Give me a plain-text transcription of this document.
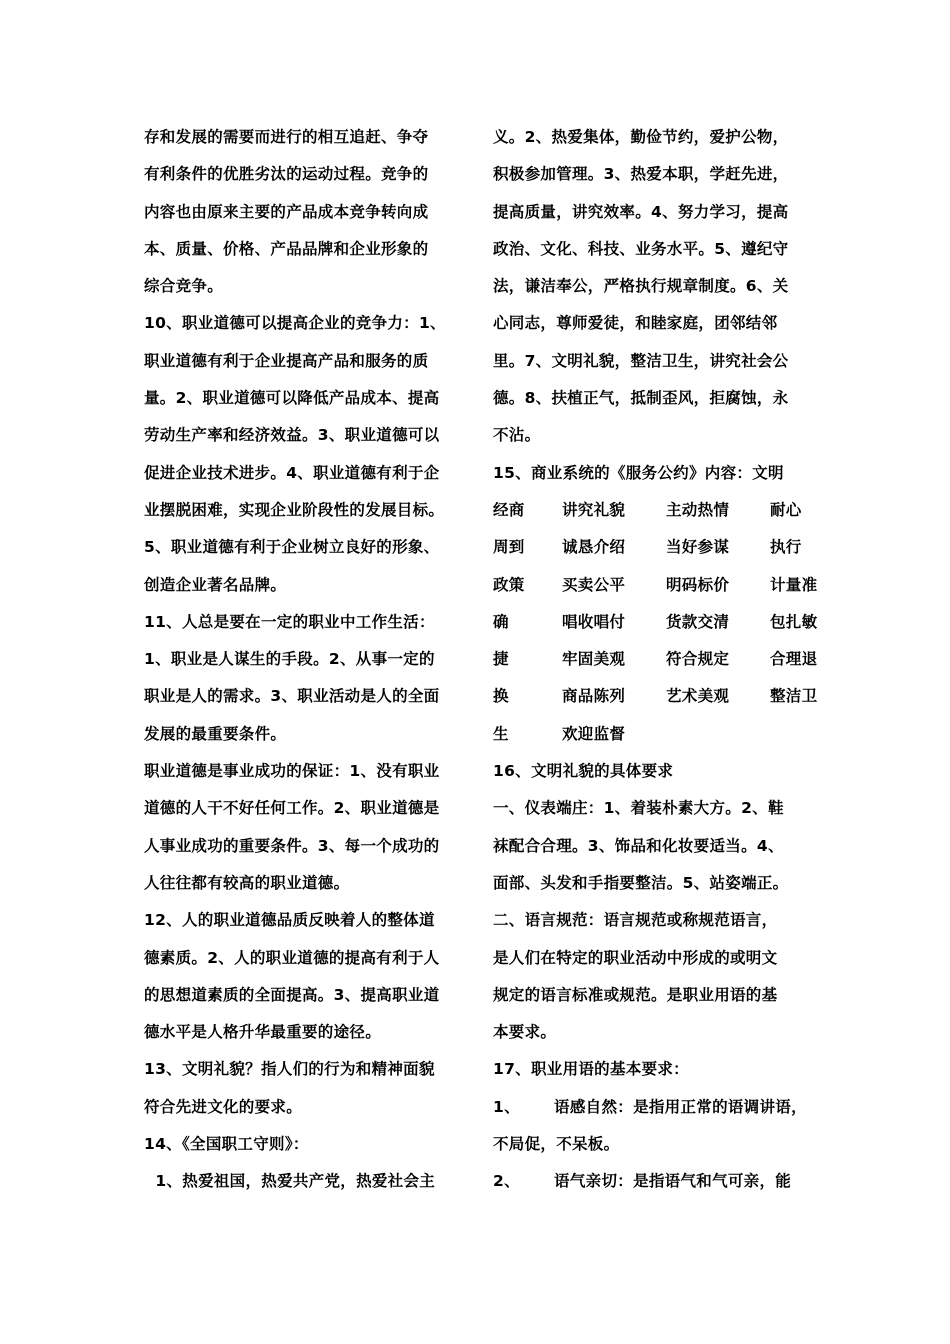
存和发展的需要而进行的相互追赶、争夺
有利条件的优胜劣汰的运动过程。竞争的
内容也由原来主要的产品成本竞争转向成
本、质量、价格、产品品牌和企业形象的
综合竞争。
10、职业道德可以提高企业的竞争力：1、
职业道德有利于企业提高产品和服务的质
量。2、职业道德可以降低产品成本、提高
劳动生产率和经济效益。3、职业道德可以
促进企业技术进步。4、职业道德有利于企
业摆脱困难，实现企业阶段性的发展目标。
5、职业道德有利于企业树立良好的形象、
创造企业著名品牌。
11、人总是要在一定的职业中工作生活：
1、职业是人谋生的手段。2、从事一定的
职业是人的需求。3、职业活动是人的全面
发展的最重要条件。
职业道德是事业成功的保证：1、没有职业
道德的人干不好任何工作。2、职业道德是
人事业成功的重要条件。3、每一个成功的
人往往都有较高的职业道德。
12、人的职业道德品质反映着人的整体道
德素质。2、人的职业道德的提高有利于人
的思想道素质的全面提高。3、提高职业道
德水平是人格升华最重要的途径。
13、文明礼貌？指人们的行为和精神面貌
符合先进文化的要求。
14、《全国职工守则》：
1、热爱祖国，热爱共产党，热爱社会主
义。2、热爱集体，勤俭节约，爱护公物，
积极参加管理。3、热爱本职，学赶先进，
提高质量，讲究效率。4、努力学习，提高
政治、文化、科技、业务水平。5、遵纪守
法，谦洁奉公，严格执行规章制度。6、关
心同志，尊师爱徒，和睦家庭，团邻结邻
里。7、文明礼貌，整洁卫生，讲究社会公
德。8、扶植正气，抵制歪风，拒腐蚀，永
不沾。
15、商业系统的《服务公约》内容：文明
经商	讲究礼貌	主动热情	耐心
周到	诚恳介绍	当好参谋	执行
政策	买卖公平	明码标价	计量准
确	唱收唱付	货款交清	包扎敏
捷	牢固美观	符合规定	合理退
换	商品陈列	艺术美观	整洁卫
生	欢迎监督
16、文明礼貌的具体要求
一、仪表端庄：1、着装朴素大方。2、鞋
袜配合合理。3、饰品和化妆要适当。4、
面部、头发和手指要整洁。5、站姿端正。
二、语言规范：语言规范或称规范语言，
是人们在特定的职业活动中形成的或明文
规定的语言标准或规范。是职业用语的基
本要求。
17、职业用语的基本要求：
1、      语感自然：是指用正常的语调讲语，
不局促，不呆板。
2、      语气亲切：是指语气和气可亲，能
